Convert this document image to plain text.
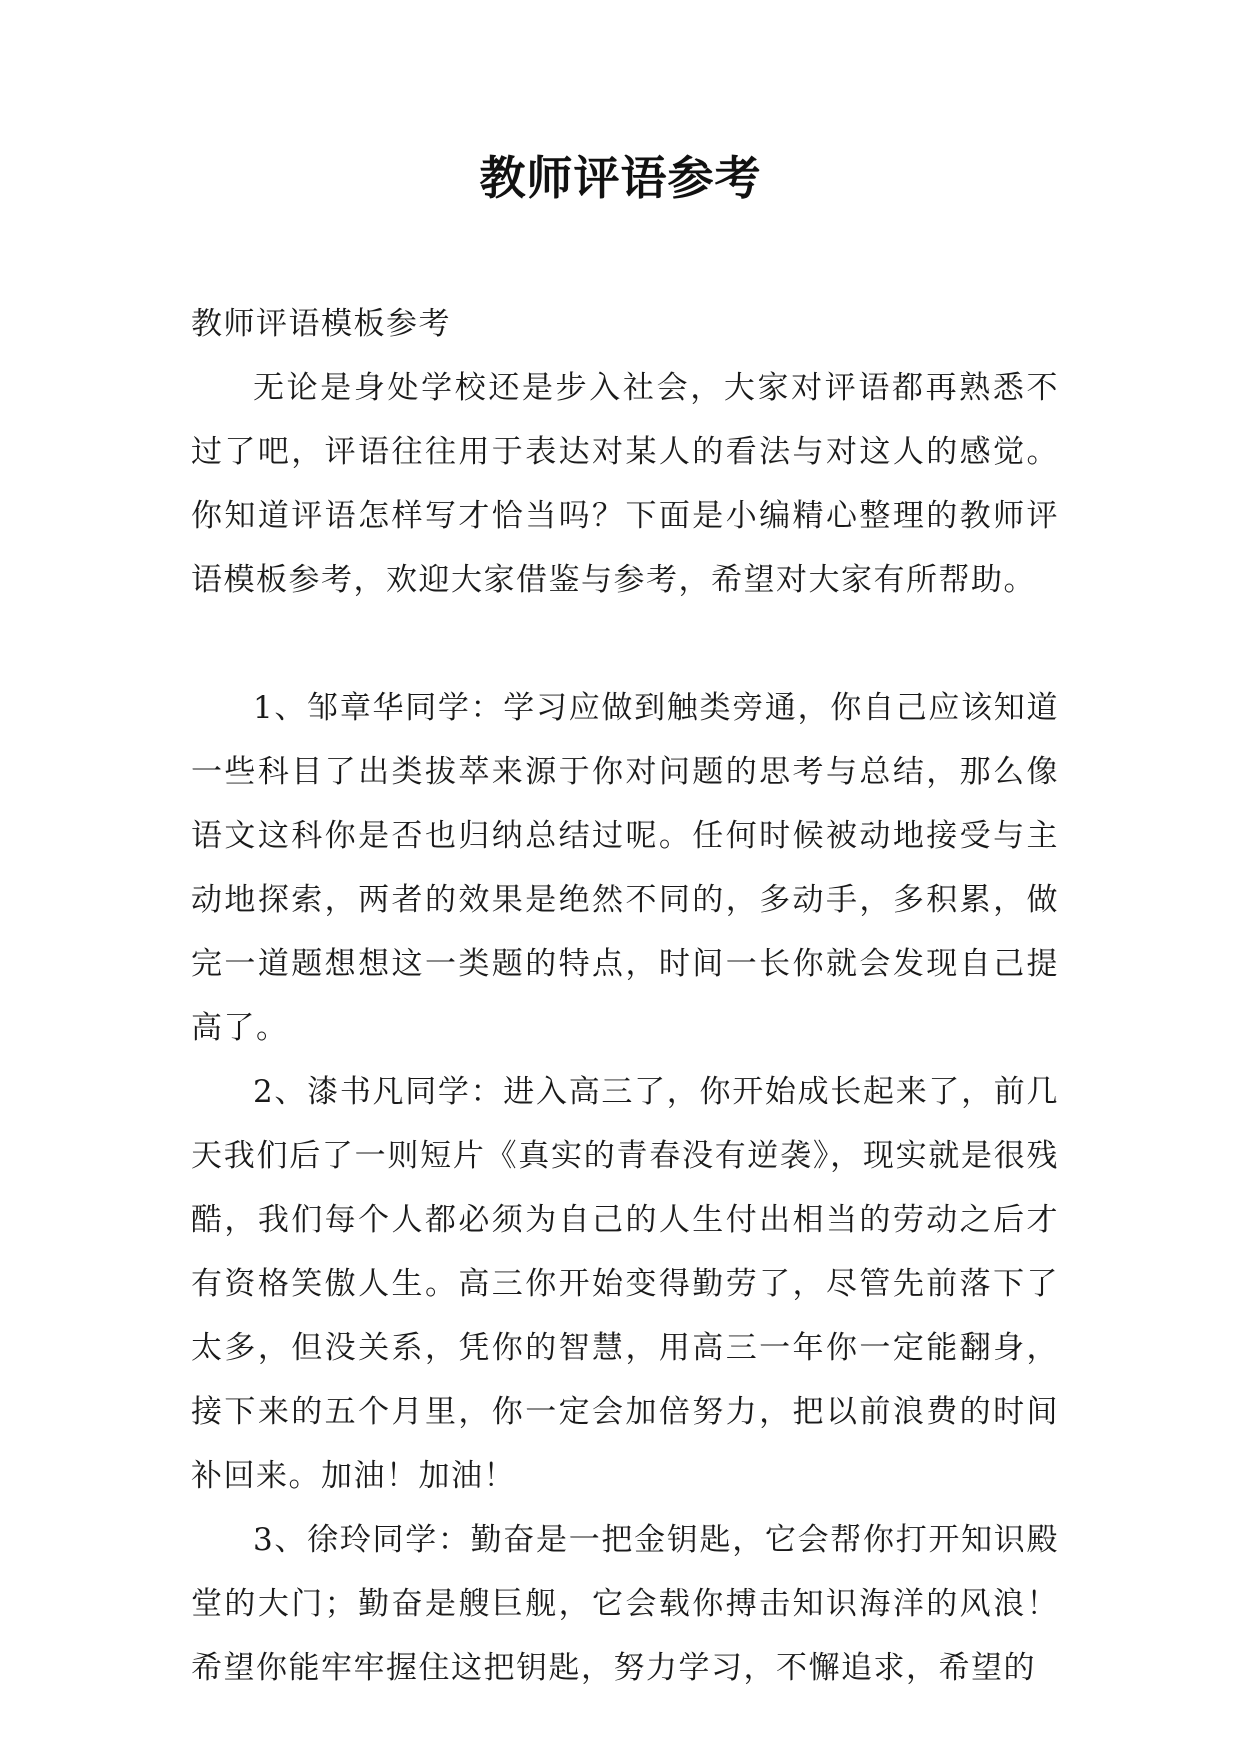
教师评语参考

教师评语模板参考

无论是身处学校还是步入社会，大家对评语都再熟悉不过了吧，评语往往用于表达对某人的看法与对这人的感觉。你知道评语怎样写才恰当吗？下面是小编精心整理的教师评语模板参考，欢迎大家借鉴与参考，希望对大家有所帮助。

1、邹章华同学：学习应做到触类旁通，你自己应该知道一些科目了出类拔萃来源于你对问题的思考与总结，那么像语文这科你是否也归纳总结过呢。任何时候被动地接受与主动地探索，两者的效果是绝然不同的，多动手，多积累，做完一道题想想这一类题的特点，时间一长你就会发现自己提高了。

2、漆书凡同学：进入高三了，你开始成长起来了，前几天我们后了一则短片《真实的青春没有逆袭》，现实就是很残酷，我们每个人都必须为自己的人生付出相当的劳动之后才有资格笑傲人生。高三你开始变得勤劳了，尽管先前落下了太多，但没关系，凭你的智慧，用高三一年你一定能翻身，接下来的五个月里，你一定会加倍努力，把以前浪费的时间补回来。加油！加油！

3、徐玲同学：勤奋是一把金钥匙，它会帮你打开知识殿堂的大门；勤奋是艘巨舰，它会载你搏击知识海洋的风浪！希望你能牢牢握住这把钥匙，努力学习，不懈追求，希望的
